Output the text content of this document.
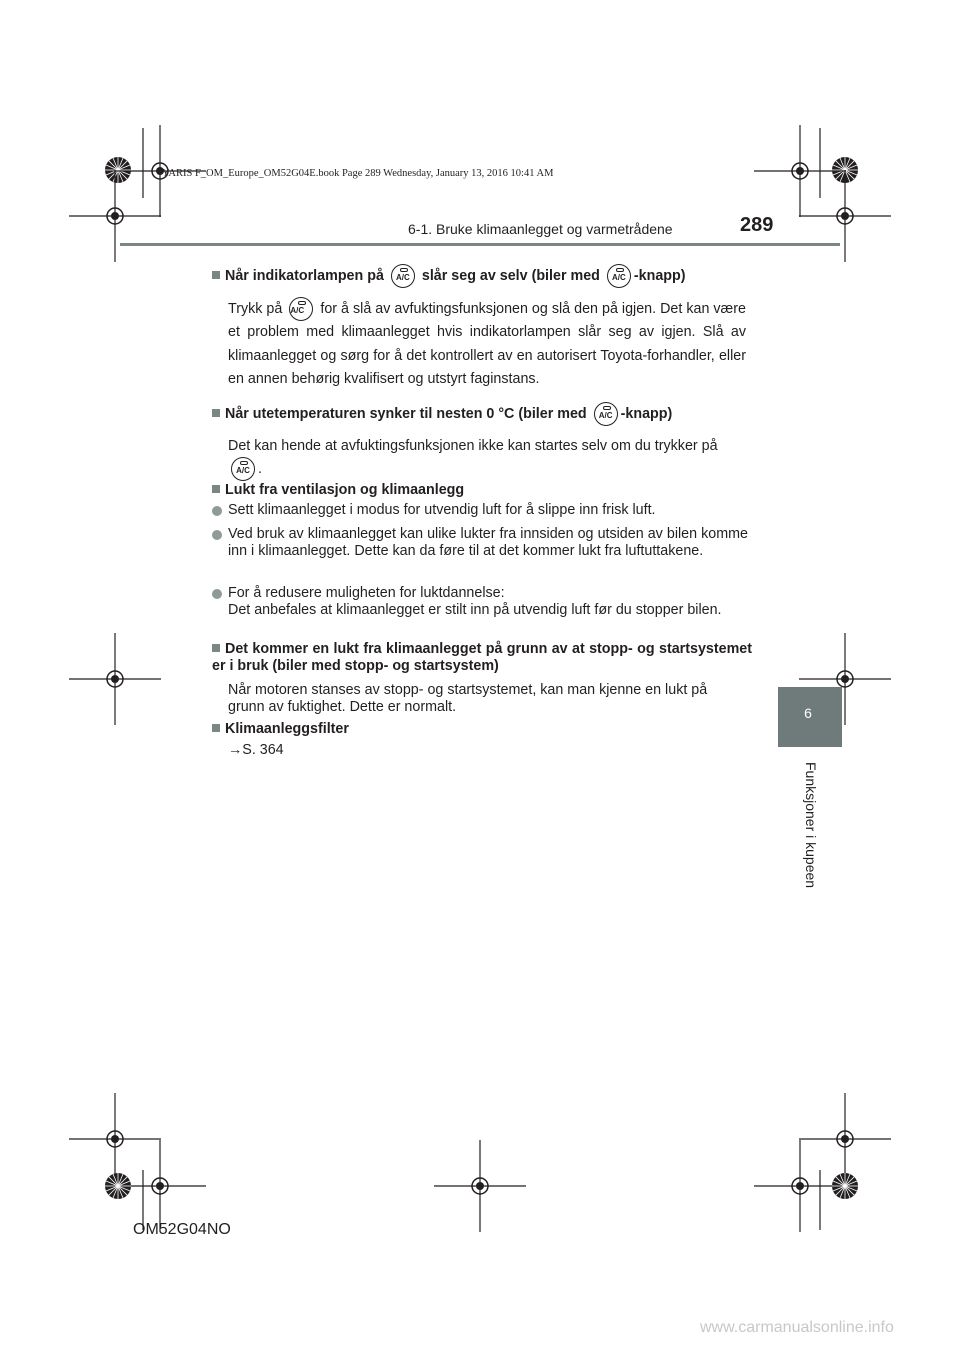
YARIS F_OM_Europe_OM52G04E.book Page 289 Wednesday, January 13, 2016 10:41 AM
6-1. Bruke klimaanlegget og varmetrådene	289
6
Funksjoner i kupeen
Når indikatorlampen på	A/C slår seg av selv (biler med	A/C -knapp)
Trykk på A/C	for å slå av avfuktingsfunksjonen og slå den på igjen. Det kan være et problem med klimaanlegget hvis indikatorlampen slår seg av igjen. Slå av klimaanlegget og sørg for å det kontrollert av en autorisert Toyota-forhandler, eller en annen behørig kvalifisert og utstyrt faginstans.
Når utetemperaturen synker til nesten 0 °C (biler med	A/C -knapp)
Det kan hende at avfuktingsfunksjonen ikke kan startes selv om du trykker på

A/C .
Lukt fra ventilasjon og klimaanlegg
Sett klimaanlegget i modus for utvendig luft for å slippe inn frisk luft.
Ved bruk av klimaanlegget kan ulike lukter fra innsiden og utsiden av bilen komme inn i klimaanlegget. Dette kan da føre til at det kommer lukt fra luftuttakene.
For å redusere muligheten for luktdannelse:
Det anbefales at klimaanlegget er stilt inn på utvendig luft før du stopper bilen.
Det kommer en lukt fra klimaanlegget på grunn av at stopp- og startsystemet er i bruk (biler med stopp- og startsystem)
Når motoren stanses av stopp- og startsystemet, kan man kjenne en lukt på grunn av fuktighet. Dette er normalt.
Klimaanleggsfilter
→S. 364
OM52G04NO
www.carmanualsonline.info
